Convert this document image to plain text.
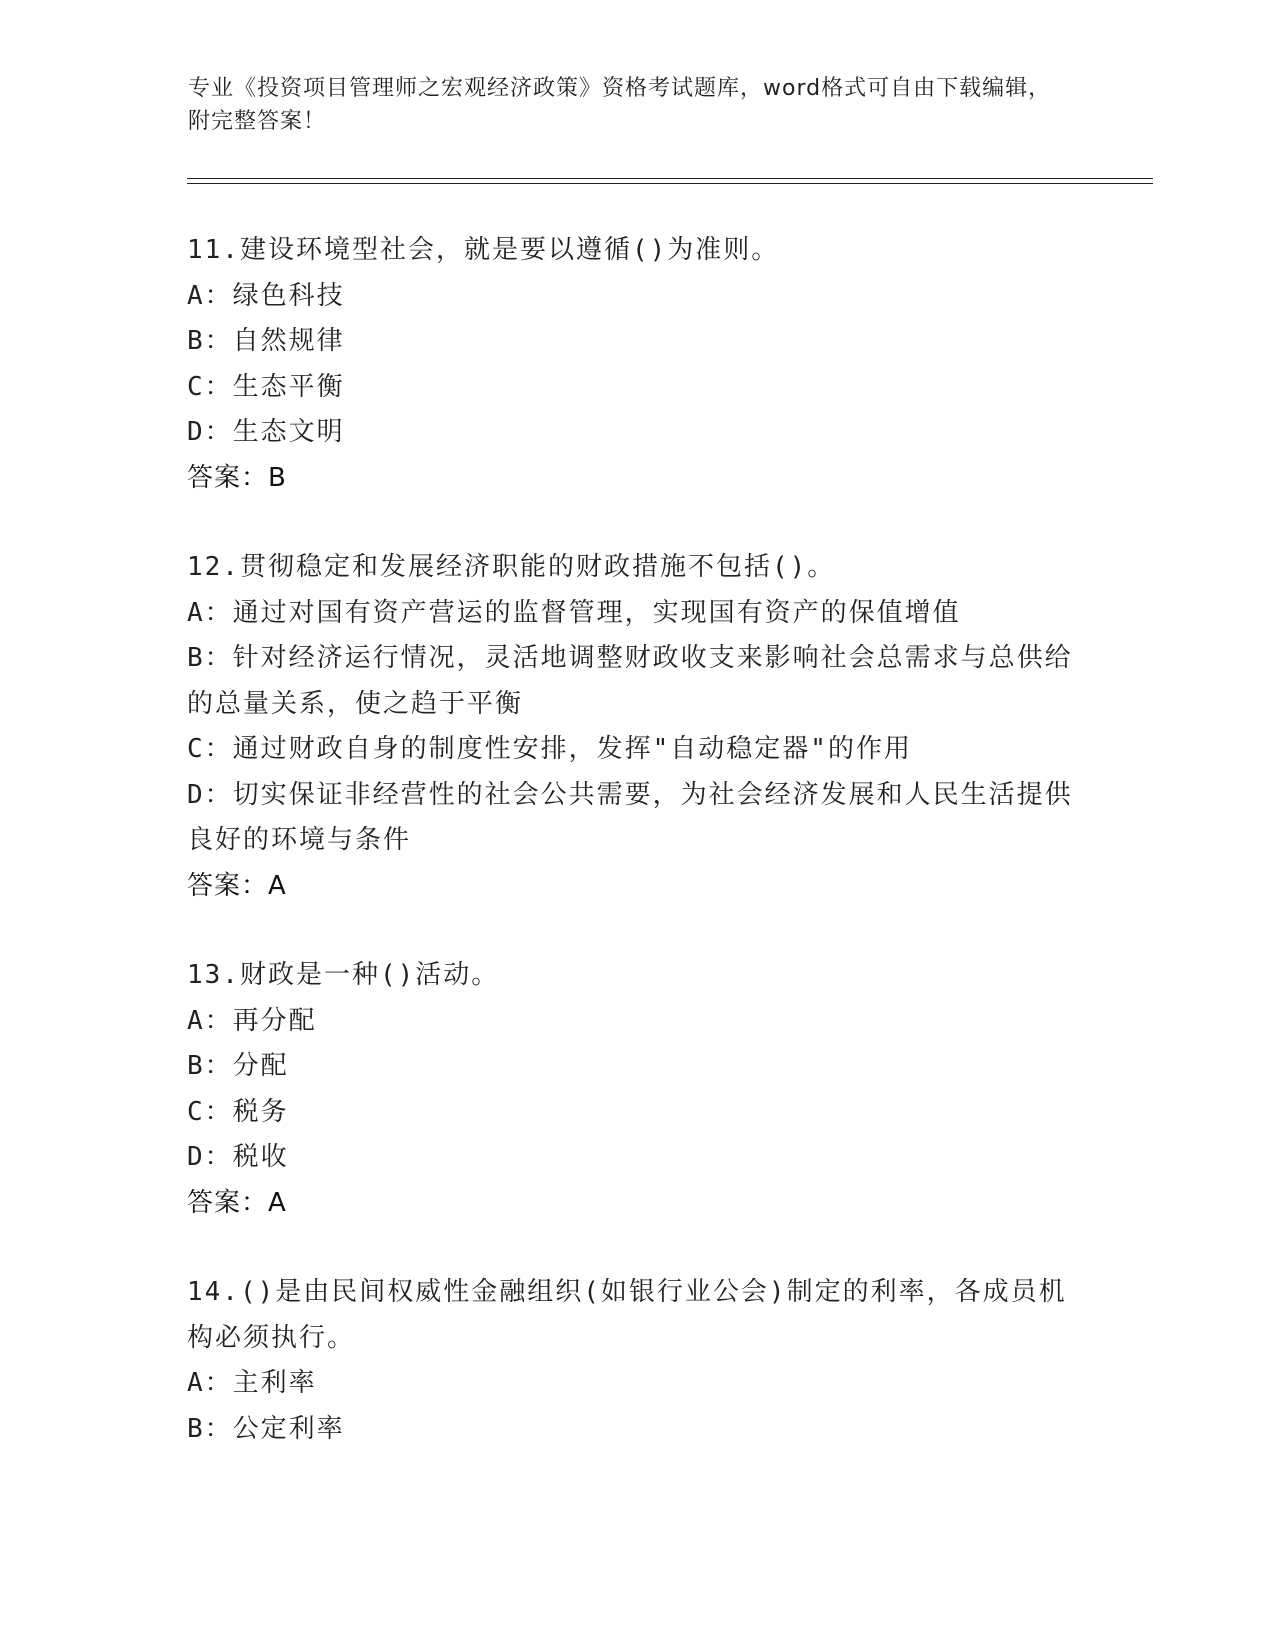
专业《投资项目管理师之宏观经济政策》资格考试题库，word格式可自由下载编辑，附完整答案！
11.建设环境型社会，就是要以遵循()为准则。
A：绿色科技
B：自然规律
C：生态平衡
D：生态文明
答案：B
12.贯彻稳定和发展经济职能的财政措施不包括()。
A：通过对国有资产营运的监督管理，实现国有资产的保值增值
B：针对经济运行情况，灵活地调整财政收支来影响社会总需求与总供给的总量关系，使之趋于平衡
C：通过财政自身的制度性安排，发挥"自动稳定器"的作用
D：切实保证非经营性的社会公共需要，为社会经济发展和人民生活提供良好的环境与条件
答案：A
13.财政是一种()活动。
A：再分配
B：分配
C：税务
D：税收
答案：A
14.()是由民间权威性金融组织(如银行业公会)制定的利率，各成员机构必须执行。
A：主利率
B：公定利率
